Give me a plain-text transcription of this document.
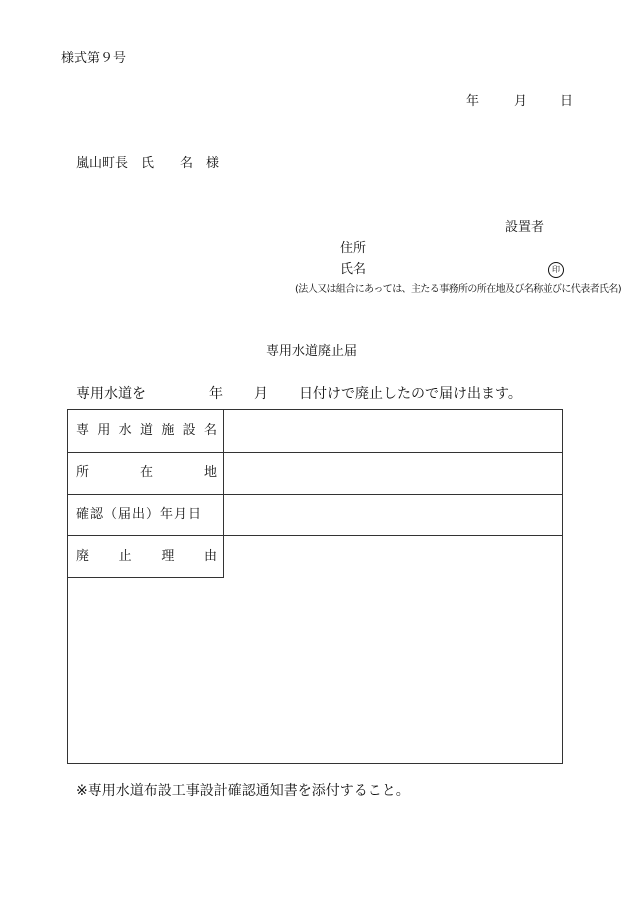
様式第９号
年	月	日
嵐山町長　氏　　名　様
設置者
住所
氏名	印
(法人又は組合にあっては、主たる事務所の所在地及び名称並びに代表者氏名)
専用水道廃止届
専用水道を	年 月 日付けで廃止したので届け出ます。
専 用 水 道 施 設 名
所	在	地
確認（届出）年月日
廃 止 理 由
※専用水道布設工事設計確認通知書を添付すること。
